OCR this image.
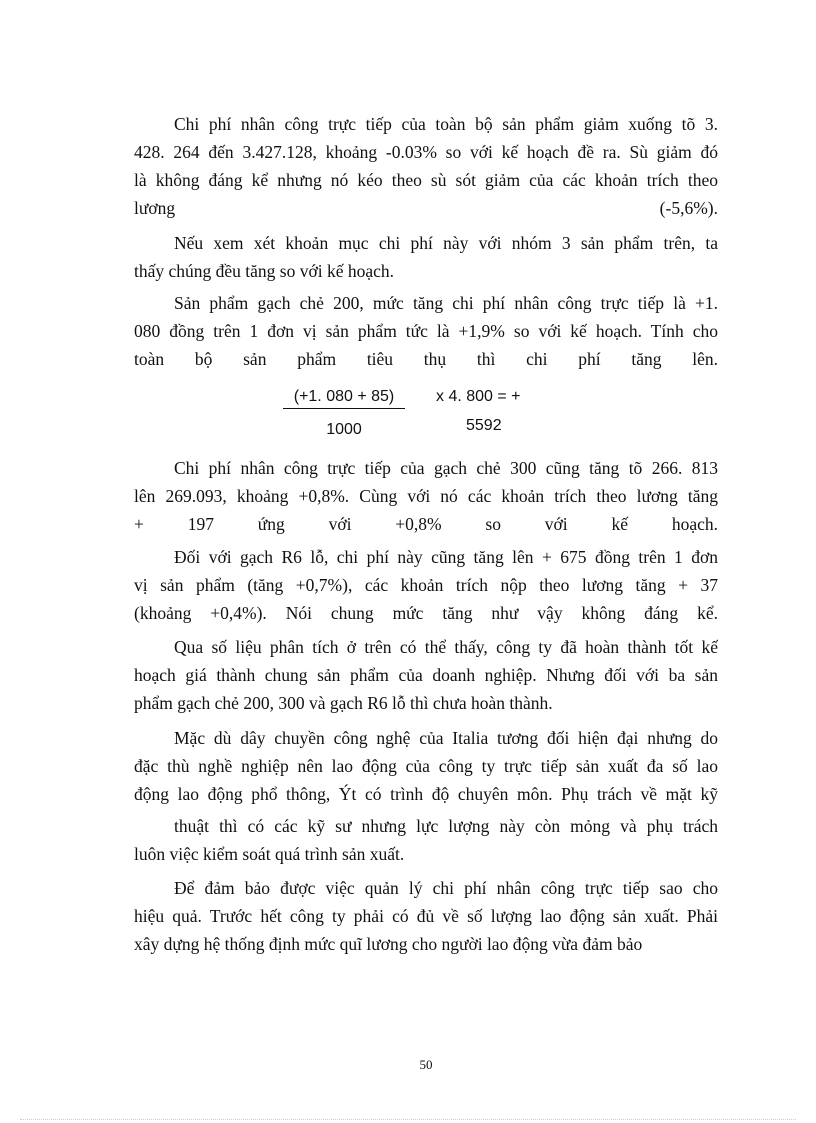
Chi phí nhân công trực tiếp của toàn bộ sản phẩm giảm xuống tõ 3.
428. 264 đến 3.427.128, khoảng -0.03% so với kế hoạch đề ra. Sù giảm đó
là không đáng kể nhưng nó kéo theo sù sót giảm của các khoản trích theo
lương (-5,6%).
Nếu xem xét khoản mục chi phí này với nhóm 3 sản phẩm trên, ta
thấy chúng đều tăng so với kế hoạch.
Sản phẩm gạch chẻ 200, mức tăng chi phí nhân công trực tiếp là +1.
080 đồng trên 1 đơn vị sản phẩm tức là +1,9% so với kế hoạch. Tính cho
toàn bộ sản phẩm tiêu thụ thì chi phí tăng lên.
(+1. 080 + 85)
1000
x 4. 800 = +
5592
Chi phí nhân công trực tiếp của gạch chẻ 300 cũng tăng tõ 266. 813
lên 269.093, khoảng +0,8%. Cùng với nó các khoản trích theo lương tăng
+ 197 ứng với +0,8% so với kế hoạch.
Đối với gạch R6 lỗ, chi phí này cũng tăng lên + 675 đồng trên 1 đơn
vị sản phẩm (tăng +0,7%), các khoản trích nộp theo lương tăng + 37
(khoảng +0,4%). Nói chung mức tăng như vậy không đáng kể.
Qua số liệu phân tích ở trên có thể thấy, công ty đã hoàn thành tốt kế
hoạch giá thành chung sản phẩm của doanh nghiệp. Nhưng đối với ba sản
phẩm gạch chẻ 200, 300 và gạch R6 lỗ thì chưa hoàn thành.
Mặc dù dây chuyền công nghệ của Italia tương đối hiện đại nhưng do
đặc thù nghề nghiệp nên lao động của công ty trực tiếp sản xuất đa số lao
động lao động phổ thông, Ýt có trình độ chuyên môn. Phụ trách về mặt kỹ
thuật thì có các kỹ sư nhưng lực lượng này còn mỏng và phụ trách
luôn việc kiểm soát quá trình sản xuất.
Để đảm bảo được việc quản lý chi phí nhân công trực tiếp sao cho
hiệu quả. Trước hết công ty phải có đủ về số lượng lao động sản xuất. Phải
xây dựng hệ thống định mức quĩ lương cho người lao động vừa đảm bảo
50
